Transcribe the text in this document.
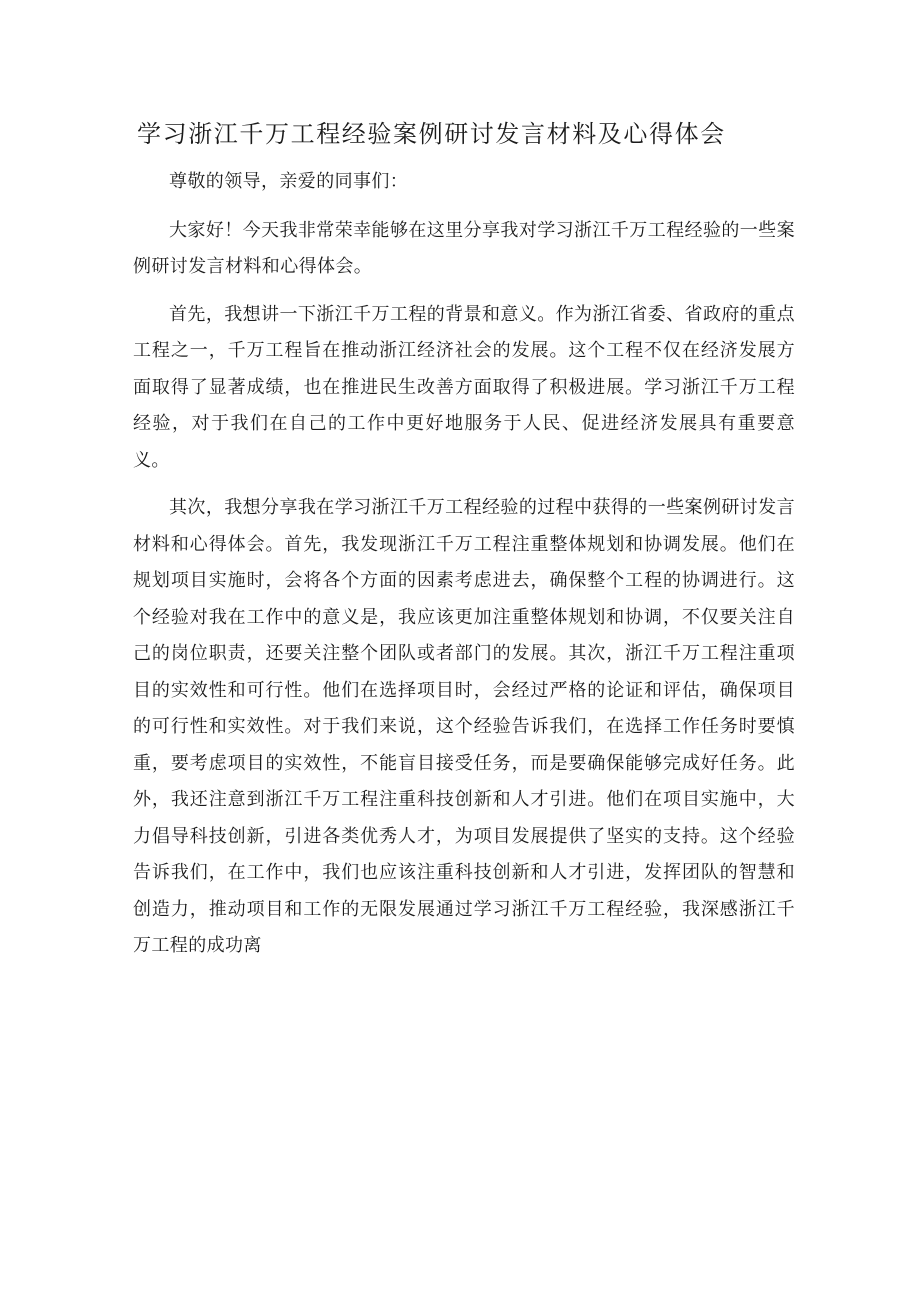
学习浙江千万工程经验案例研讨发言材料及心得体会

尊敬的领导，亲爱的同事们：

大家好！今天我非常荣幸能够在这里分享我对学习浙江千万工程经验的一些案例研讨发言材料和心得体会。

首先，我想讲一下浙江千万工程的背景和意义。作为浙江省委、省政府的重点工程之一，千万工程旨在推动浙江经济社会的发展。这个工程不仅在经济发展方面取得了显著成绩，也在推进民生改善方面取得了积极进展。学习浙江千万工程经验，对于我们在自己的工作中更好地服务于人民、促进经济发展具有重要意义。

其次，我想分享我在学习浙江千万工程经验的过程中获得的一些案例研讨发言材料和心得体会。首先，我发现浙江千万工程注重整体规划和协调发展。他们在规划项目实施时，会将各个方面的因素考虑进去，确保整个工程的协调进行。这个经验对我在工作中的意义是，我应该更加注重整体规划和协调，不仅要关注自己的岗位职责，还要关注整个团队或者部门的发展。其次，浙江千万工程注重项目的实效性和可行性。他们在选择项目时，会经过严格的论证和评估，确保项目的可行性和实效性。对于我们来说，这个经验告诉我们，在选择工作任务时要慎重，要考虑项目的实效性，不能盲目接受任务，而是要确保能够完成好任务。此外，我还注意到浙江千万工程注重科技创新和人才引进。他们在项目实施中，大力倡导科技创新，引进各类优秀人才，为项目发展提供了坚实的支持。这个经验告诉我们，在工作中，我们也应该注重科技创新和人才引进，发挥团队的智慧和创造力，推动项目和工作的无限发展通过学习浙江千万工程经验，我深感浙江千万工程的成功离
